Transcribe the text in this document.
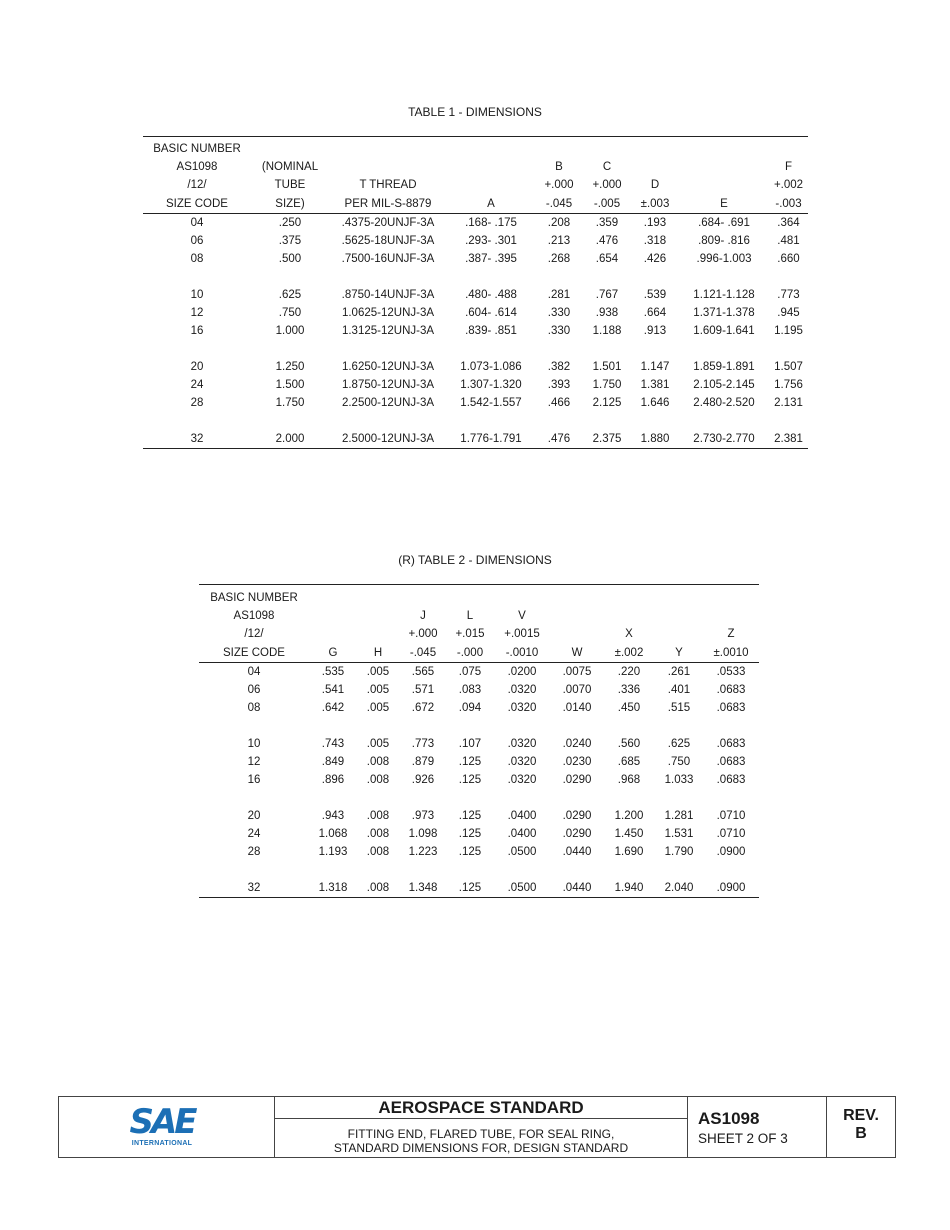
TABLE 1 - DIMENSIONS
BASIC NUMBER								
AS1098	(NOMINAL			B	C			F
/12/	TUBE	T THREAD		+.000	+.000	D		+.002
SIZE CODE	SIZE)	PER MIL-S-8879	A	-.045	-.005	±.003	E	-.003
04	.250	.4375-20UNJF-3A	.168- .175	.208	.359	.193	.684- .691	.364
06	.375	.5625-18UNJF-3A	.293- .301	.213	.476	.318	.809- .816	.481
08	.500	.7500-16UNJF-3A	.387- .395	.268	.654	.426	.996-1.003	.660

10	.625	.8750-14UNJF-3A	.480- .488	.281	.767	.539	1.121-1.128	.773
12	.750	1.0625-12UNJ-3A	.604- .614	.330	.938	.664	1.371-1.378	.945
16	1.000	1.3125-12UNJ-3A	.839- .851	.330	1.188	.913	1.609-1.641	1.195

20	1.250	1.6250-12UNJ-3A	1.073-1.086	.382	1.501	1.147	1.859-1.891	1.507
24	1.500	1.8750-12UNJ-3A	1.307-1.320	.393	1.750	1.381	2.105-2.145	1.756
28	1.750	2.2500-12UNJ-3A	1.542-1.557	.466	2.125	1.646	2.480-2.520	2.131

32	2.000	2.5000-12UNJ-3A	1.776-1.791	.476	2.375	1.880	2.730-2.770	2.381
(R) TABLE 2 - DIMENSIONS
BASIC NUMBER									
AS1098			J	L	V				
/12/			+.000	+.015	+.0015		X		Z
SIZE CODE	G	H	-.045	-.000	-.0010	W	±.002	Y	±.0010
04	.535	.005	.565	.075	.0200	.0075	.220	.261	.0533
06	.541	.005	.571	.083	.0320	.0070	.336	.401	.0683
08	.642	.005	.672	.094	.0320	.0140	.450	.515	.0683

10	.743	.005	.773	.107	.0320	.0240	.560	.625	.0683
12	.849	.008	.879	.125	.0320	.0230	.685	.750	.0683
16	.896	.008	.926	.125	.0320	.0290	.968	1.033	.0683

20	.943	.008	.973	.125	.0400	.0290	1.200	1.281	.0710
24	1.068	.008	1.098	.125	.0400	.0290	1.450	1.531	.0710
28	1.193	.008	1.223	.125	.0500	.0440	1.690	1.790	.0900

32	1.318	.008	1.348	.125	.0500	.0440	1.940	2.040	.0900
SAE
INTERNATIONAL
AEROSPACE STANDARD
FITTING END, FLARED TUBE, FOR SEAL RING,
STANDARD DIMENSIONS FOR, DESIGN STANDARD
AS1098
SHEET 2 OF 3
REV.
B
